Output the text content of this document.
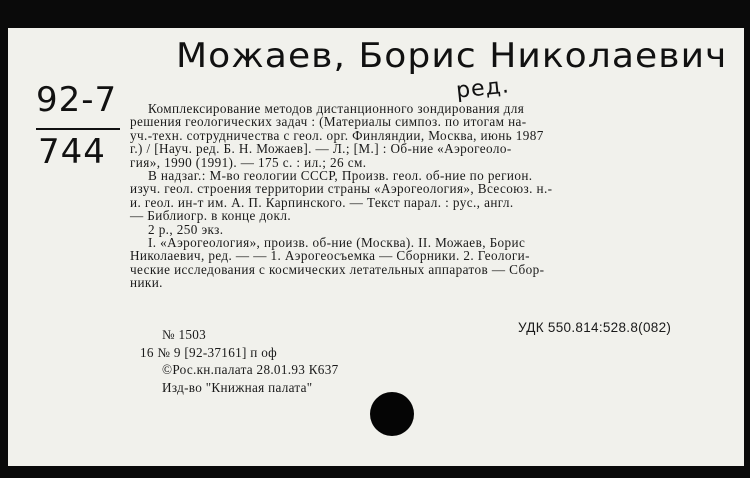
Можаев, Борис Николаевич
ред.
92-7
744
Комплексирование методов дистанционного зондирования для
решения геологических задач : (Материалы симпоз. по итогам на-
уч.-техн. сотрудничества с геол. орг. Финляндии, Москва, июнь 1987
г.) / [Науч. ред. Б. Н. Можаев]. — Л.; [М.] : Об-ние «Аэрогеоло-
гия», 1990 (1991). — 175 с. : ил.; 26 см.
В надзаг.: М-во геологии СССР, Произв. геол. об-ние по регион.
изуч. геол. строения территории страны «Аэрогеология», Всесоюз. н.-
и. геол. ин-т им. А. П. Карпинского. — Текст парал. : рус., англ.
— Библиогр. в конце докл.
2 р., 250 экз.
I. «Аэрогеология», произв. об-ние (Москва). II. Можаев, Борис
Николаевич, ред. — — 1. Аэрогеосъемка — Сборники. 2. Геологи-
ческие исследования с космических летательных аппаратов — Сбор-
ники.
УДК 550.814:528.8(082)
№ 1503
16 № 9 [92-37161] п оф
©Рос.кн.палата 28.01.93 К637
Изд-во "Книжная палата"
